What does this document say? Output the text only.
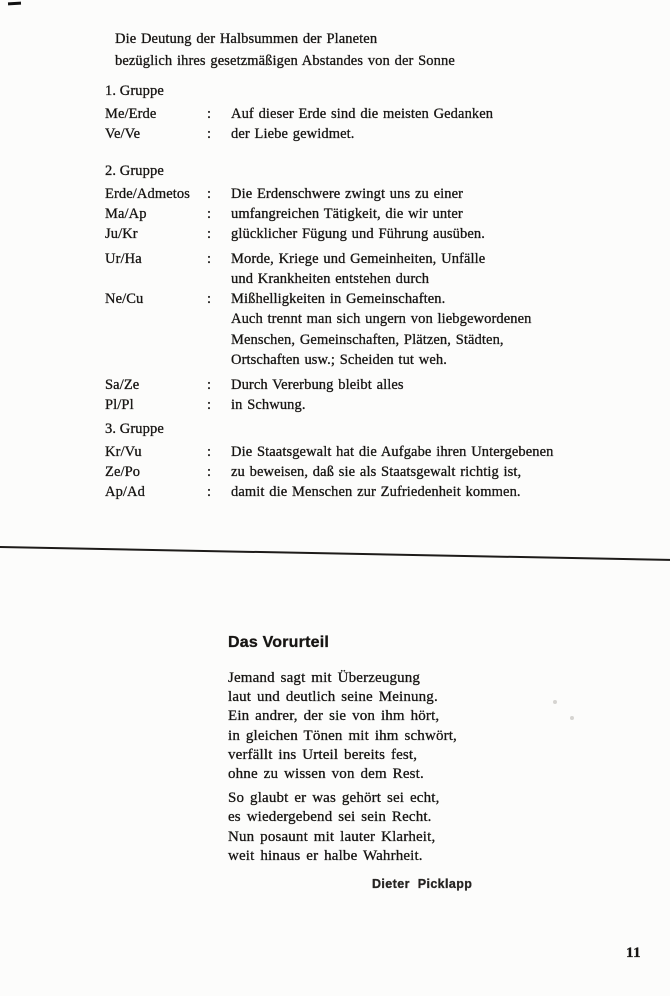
Die Deutung der Halbsummen der Planeten
bezüglich ihres gesetzmäßigen Abstandes von der Sonne
1. Gruppe
Me/Erde	:	Auf dieser Erde sind die meisten Gedanken
Ve/Ve	:	der Liebe gewidmet.
2. Gruppe
Erde/Admetos	:	Die Erdenschwere zwingt uns zu einer
Ma/Ap	:	umfangreichen Tätigkeit, die wir unter
Ju/Kr	:	glücklicher Fügung und Führung ausüben.
Ur/Ha	:	Morde, Kriege und Gemeinheiten, Unfälle
und Krankheiten entstehen durch
Ne/Cu	:	Mißhelligkeiten in Gemeinschaften.
Auch trennt man sich ungern von liebgewordenen
Menschen, Gemeinschaften, Plätzen, Städten,
Ortschaften usw.; Scheiden tut weh.
Sa/Ze	:	Durch Vererbung bleibt alles
Pl/Pl	:	in Schwung.
3. Gruppe
Kr/Vu	:	Die Staatsgewalt hat die Aufgabe ihren Untergebenen
Ze/Po	:	zu beweisen, daß sie als Staatsgewalt richtig ist,
Ap/Ad	:	damit die Menschen zur Zufriedenheit kommen.
Das Vorurteil
Jemand sagt mit Überzeugung
laut und deutlich seine Meinung.
Ein andrer, der sie von ihm hört,
in gleichen Tönen mit ihm schwört,
verfällt ins Urteil bereits fest,
ohne zu wissen von dem Rest.
So glaubt er was gehört sei echt,
es wiedergebend sei sein Recht.
Nun posaunt mit lauter Klarheit,
weit hinaus er halbe Wahrheit.
Dieter Picklapp
11
